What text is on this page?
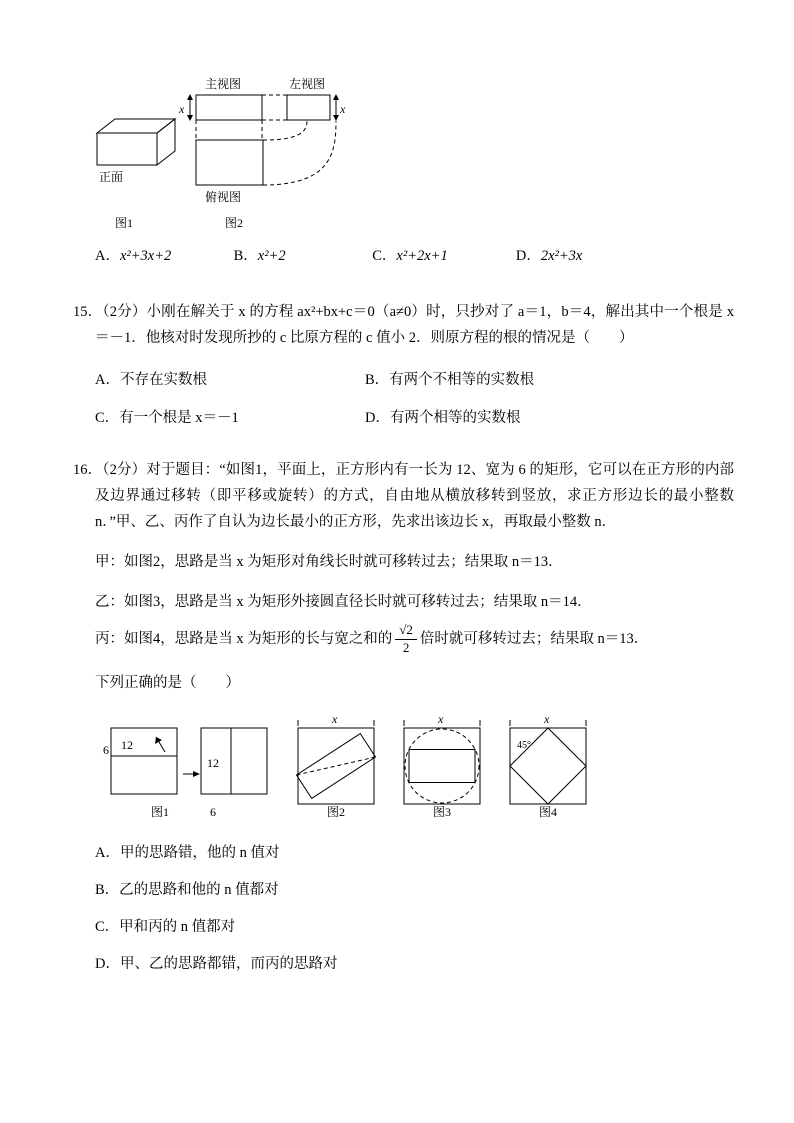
正面
图1
主视图	左视图
俯视图
图2
x	x
A．x²+3x+2	B．x²+2	C．x²+2x+1	D．2x²+3x

15．（2分）小刚在解关于 x 的方程 ax²+bx+c＝0（a≠0）时，只抄对了 a＝1，b＝4，解出其中一个根是 x＝－1．他核对时发现所抄的 c 比原方程的 c 值小 2．则原方程的根的情况是（　　）

A．不存在实数根	B．有两个不相等的实数根
C．有一个根是 x＝－1	D．有两个相等的实数根

16．（2分）对于题目：“如图1，平面上，正方形内有一长为 12、宽为 6 的矩形，它可以在正方形的内部及边界通过移转（即平移或旋转）的方式，自由地从横放移转到竖放，求正方形边长的最小整数 n．”甲、乙、丙作了自认为边长最小的正方形，先求出该边长 x，再取最小整数 n．

甲：如图2，思路是当 x 为矩形对角线长时就可移转过去；结果取 n＝13．

乙：如图3，思路是当 x 为矩形外接圆直径长时就可移转过去；结果取 n＝14．

丙：如图4，思路是当 x 为矩形的长与宽之和的 $\frac{√2}{2}$ 倍时就可移转过去；结果取 n＝13．

下列正确的是（　　）

12
6
12
6
图1
x
图2
x
图3
x
45°
图4

A．甲的思路错，他的 n 值对

B．乙的思路和他的 n 值都对

C．甲和丙的 n 值都对

D．甲、乙的思路都错，而丙的思路对
